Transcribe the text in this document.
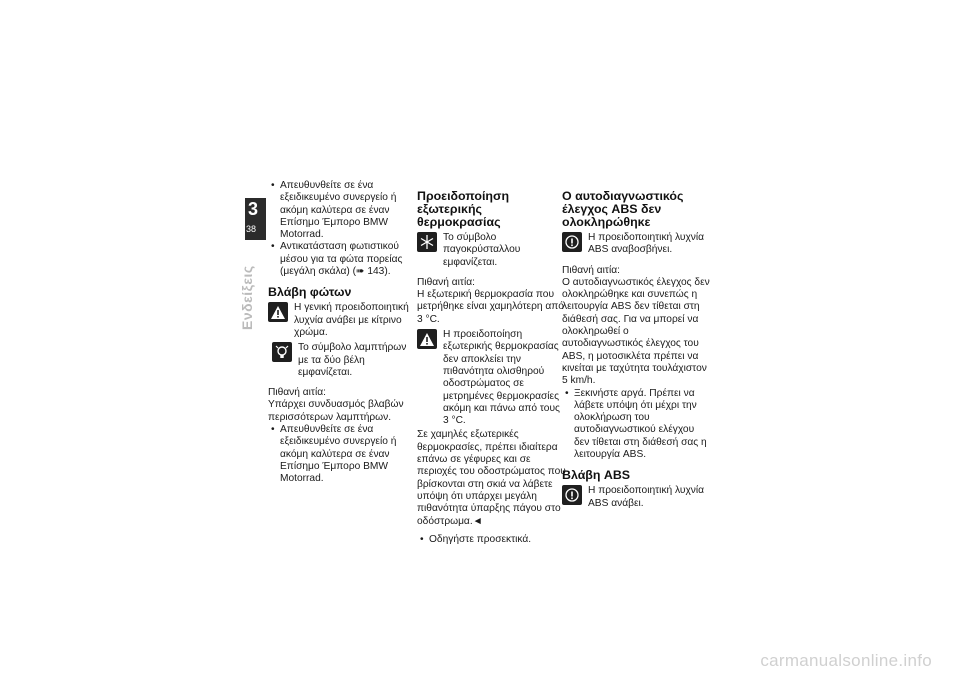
3
38
Ενδείξεις

• Απευθυνθείτε σε ένα εξειδικευμένο συνεργείο ή ακόμη καλύτερα σε έναν Επίσημο Έμπορο BMW Motorrad.

• Αντικατάσταση φωτιστικού μέσου για τα φώτα πορείας (μεγάλη σκάλα) (➠ 143).

Βλάβη φώτων
Η γενική προειδοποιητική λυχνία ανάβει με κίτρινο χρώμα.
Το σύμβολο λαμπτήρων με τα δύο βέλη εμφανίζεται.

Πιθανή αιτία:

Υπάρχει συνδυασμός βλαβών περισσότερων λαμπτήρων.

• Απευθυνθείτε σε ένα εξειδικευμένο συνεργείο ή ακόμη καλύτερα σε έναν Επίσημο Έμπορο BMW Motorrad.

Προειδοποίηση εξωτερικής θερμοκρασίας
Το σύμβολο παγοκρύσταλλου εμφανίζεται.

Πιθανή αιτία:

Η εξωτερική θερμοκρασία που μετρήθηκε είναι χαμηλότερη από 3 °C.

Η προειδοποίηση εξωτερικής θερμοκρασίας δεν αποκλείει την πιθανότητα ολισθηρού οδοστρώματος σε μετρημένες θερμοκρασίες ακόμη και πάνω από τους 3 °C.

Σε χαμηλές εξωτερικές θερμοκρασίες, πρέπει ιδιαίτερα επάνω σε γέφυρες και σε περιοχές του οδοστρώματος που βρίσκονται στη σκιά να λάβετε υπόψη ότι υπάρχει μεγάλη πιθανότητα ύπαρξης πάγου στο οδόστρωμα.◄

• Οδηγήστε προσεκτικά.

Ο αυτοδιαγνωστικός έλεγχος ABS δεν ολοκληρώθηκε
Η προειδοποιητική λυχνία ABS αναβοσβήνει.

Πιθανή αιτία:

Ο αυτοδιαγνωστικός έλεγχος δεν ολοκληρώθηκε και συνεπώς η λειτουργία ABS δεν τίθεται στη διάθεσή σας. Για να μπορεί να ολοκληρωθεί ο αυτοδιαγνωστικός έλεγχος του ABS, η μοτοσικλέτα πρέπει να κινείται με ταχύτητα τουλάχιστον 5 km/h.

• Ξεκινήστε αργά. Πρέπει να λάβετε υπόψη ότι μέχρι την ολοκλήρωση του αυτοδιαγνωστικού ελέγχου δεν τίθεται στη διάθεσή σας η λειτουργία ABS.

Βλάβη ABS
Η προειδοποιητική λυχνία ABS ανάβει.
carmanualsonline.info
